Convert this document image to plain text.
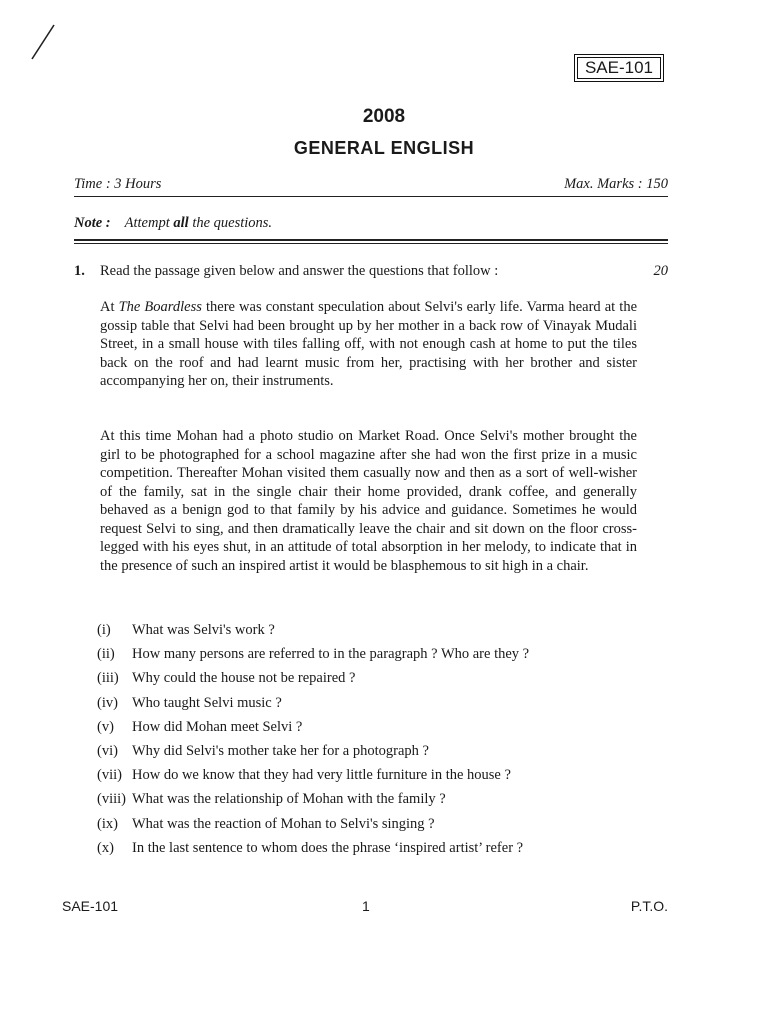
SAE-101
2008
GENERAL ENGLISH
Time : 3 Hours	Max. Marks : 150
Note : Attempt all the questions.
1.	Read the passage given below and answer the questions that follow :	20

At The Boardless there was constant speculation about Selvi's early life. Varma heard at the gossip table that Selvi had been brought up by her mother in a back row of Vinayak Mudali Street, in a small house with tiles falling off, with not enough cash at home to put the tiles back on the roof and had learnt music from her, practising with her brother and sister accompanying her on, their instruments.

At this time Mohan had a photo studio on Market Road. Once Selvi's mother brought the girl to be photographed for a school magazine after she had won the first prize in a music competition. Thereafter Mohan visited them casually now and then as a sort of well-wisher of the family, sat in the single chair their home provided, drank coffee, and generally behaved as a benign god to that family by his advice and guidance. Sometimes he would request Selvi to sing, and then dramatically leave the chair and sit down on the floor cross-legged with his eyes shut, in an attitude of total absorption in her melody, to indicate that in the presence of such an inspired artist it would be blasphemous to sit high in a chair.

(i)	What was Selvi's work ?
(ii)	How many persons are referred to in the paragraph ? Who are they ?
(iii) Why could the house not be repaired ?
(iv) Who taught Selvi music ?
(v)	How did Mohan meet Selvi ?
(vi) Why did Selvi's mother take her for a photograph ?
(vii) How do we know that they had very little furniture in the house ?
(viii) What was the relationship of Mohan with the family ?
(ix) What was the reaction of Mohan to Selvi's singing ?
(x)	In the last sentence to whom does the phrase ‘inspired artist’ refer ?
SAE-101	1	P.T.O.
